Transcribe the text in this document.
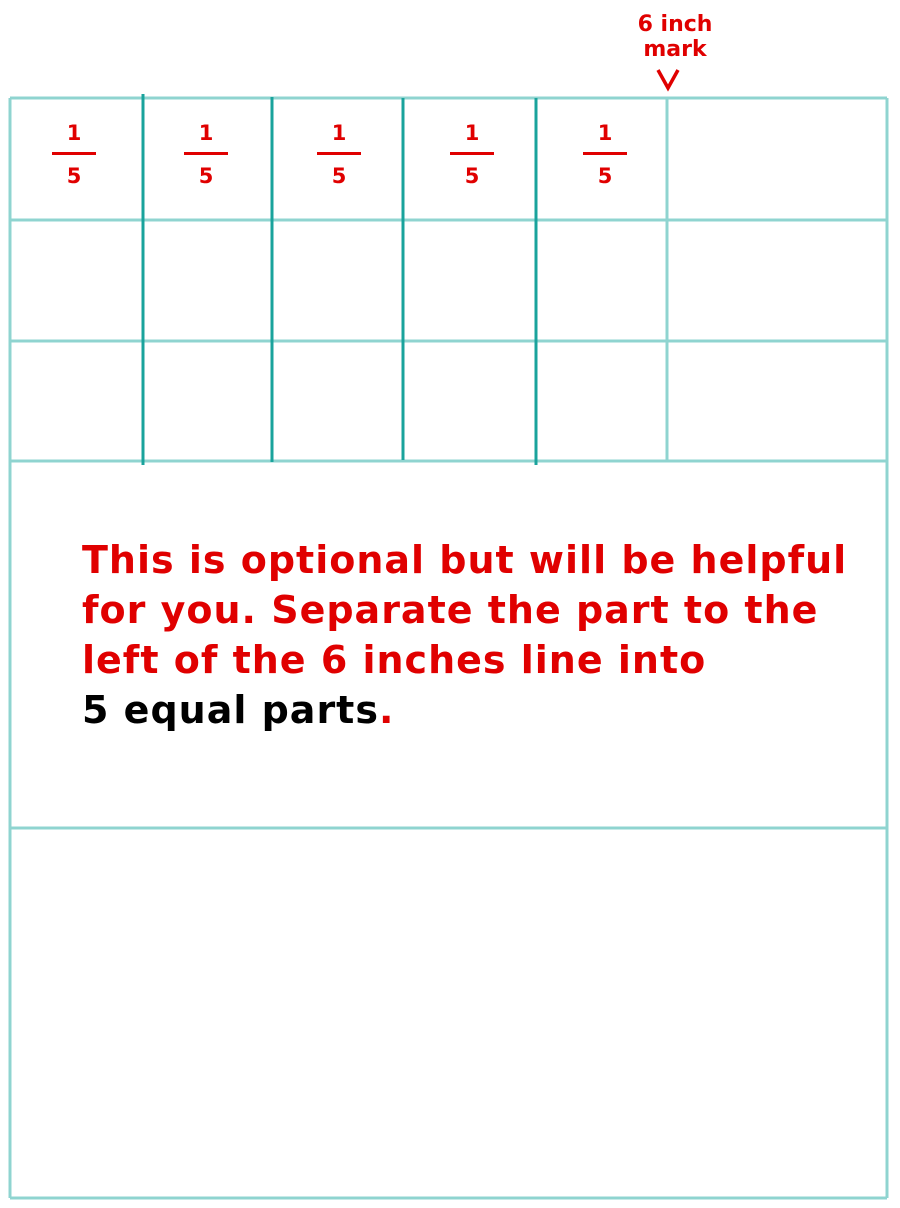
6 inch
mark
1
5
1
5
1
5
1
5
1
5
This is optional but will be helpful for you. Separate the part to the left of the 6 inches line into
5 equal parts.
